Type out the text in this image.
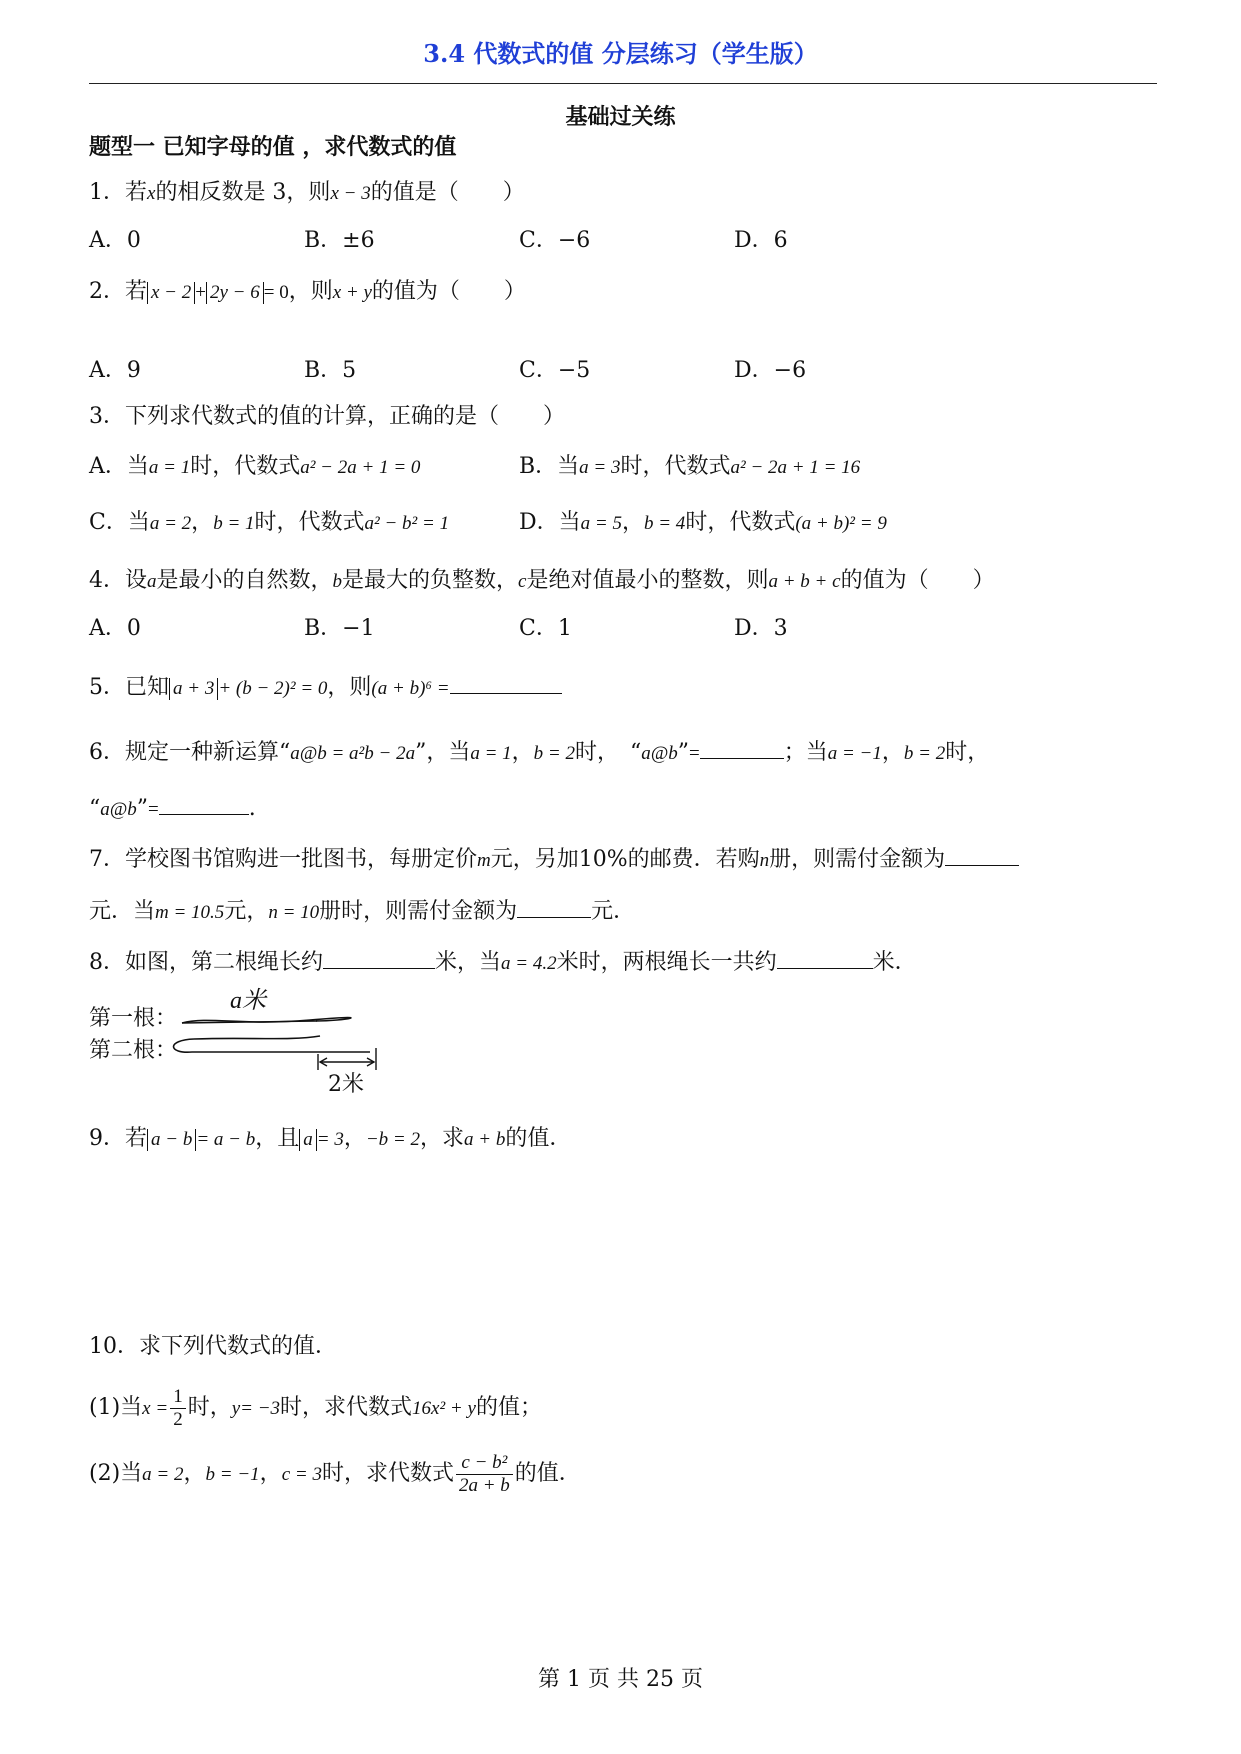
3.4 代数式的值 分层练习（学生版）
基础过关练
题型一 已知字母的值 ，求代数式的值
1．若x的相反数是 3，则x − 3的值是（　　）
A．0	B．±6	C．−6	D．6
2．若 x − 2 + 2y − 6 = 0，则x + y的值为（　　）
A．9	B．5	C．−5	D．−6
3．下列求代数式的值的计算，正确的是（　　）
A．当a = 1时，代数式a² − 2a + 1 = 0	B．当a = 3时，代数式a² − 2a + 1 = 16
C．当a = 2，b = 1时，代数式a² − b² = 1	D．当a = 5，b = 4时，代数式(a + b)² = 9
4．设a是最小的自然数，b是最大的负整数，c是绝对值最小的整数，则a + b + c的值为（　　）
A．0	B．−1	C．1	D．3
5．已知 a + 3 + (b − 2)² = 0，则(a + b)⁶ =
6．规定一种新运算“a@b = a²b − 2a”，当a = 1，b = 2时，　“a@b”=	；当a = −1，b = 2时，
“a@b”=	.
7．学校图书馆购进一批图书，每册定价m元，另加10%的邮费．若购n册，则需付金额为
元．当m = 10.5元，n = 10册时，则需付金额为	元．
8．如图，第二根绳长约	米，当a = 4.2米时，两根绳长一共约	米．
第一根：
第二根：
a米
2米
9．若 a − b = a − b，且 a = 3，−b = 2，求a + b的值．
10．求下列代数式的值．
(1)当$x = \frac{1}{2}$ 时，y= −3时，求代数式16x² + y的值；
(2)当a = 2，b = −1，c = 3时，求代数式 $\frac{\text{c − b²}}{2a + b}$ 的值．
第 1 页 共 25 页
